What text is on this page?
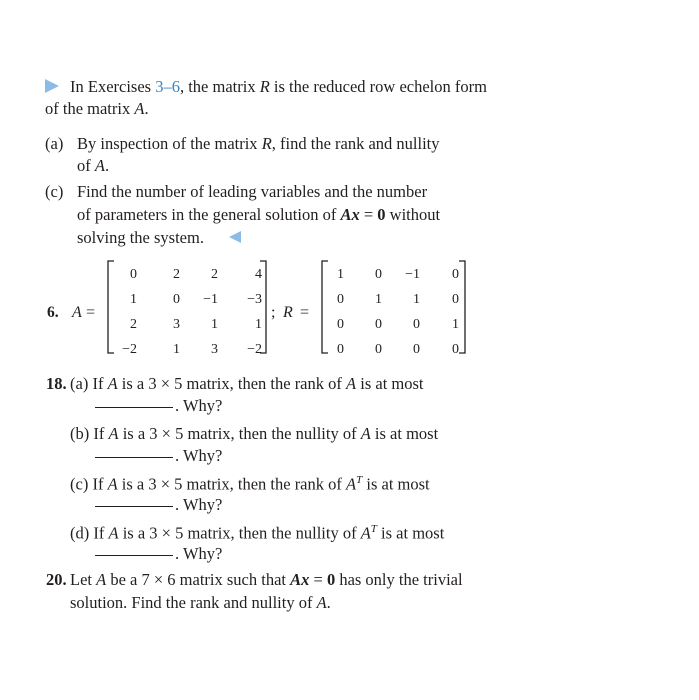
In Exercises 3–6, the matrix R is the reduced row echelon form
of the matrix A.
(a) By inspection of the matrix R, find the rank and nullity
of A.
(c) Find the number of leading variables and the number
of parameters in the general solution of Ax = 0 without
solving the system.
6. A =
0	2 2	4
1	0 −1 −3
2	3 1	1
−2	1 3 −2
; R =
1 0 −1 0
0 1 1 0
0 0 0 1
0 0 0 0
18. (a) If A is a 3 × 5 matrix, then the rank of A is at most
. Why?
(b) If A is a 3 × 5 matrix, then the nullity of A is at most
. Why?
(c) If A is a 3 × 5 matrix, then the rank of $A^T$ is at most
. Why?
(d) If A is a 3 × 5 matrix, then the nullity of $A^T$ is at most
. Why?
20. Let A be a 7 × 6 matrix such that Ax = 0 has only the trivial
solution. Find the rank and nullity of A.
